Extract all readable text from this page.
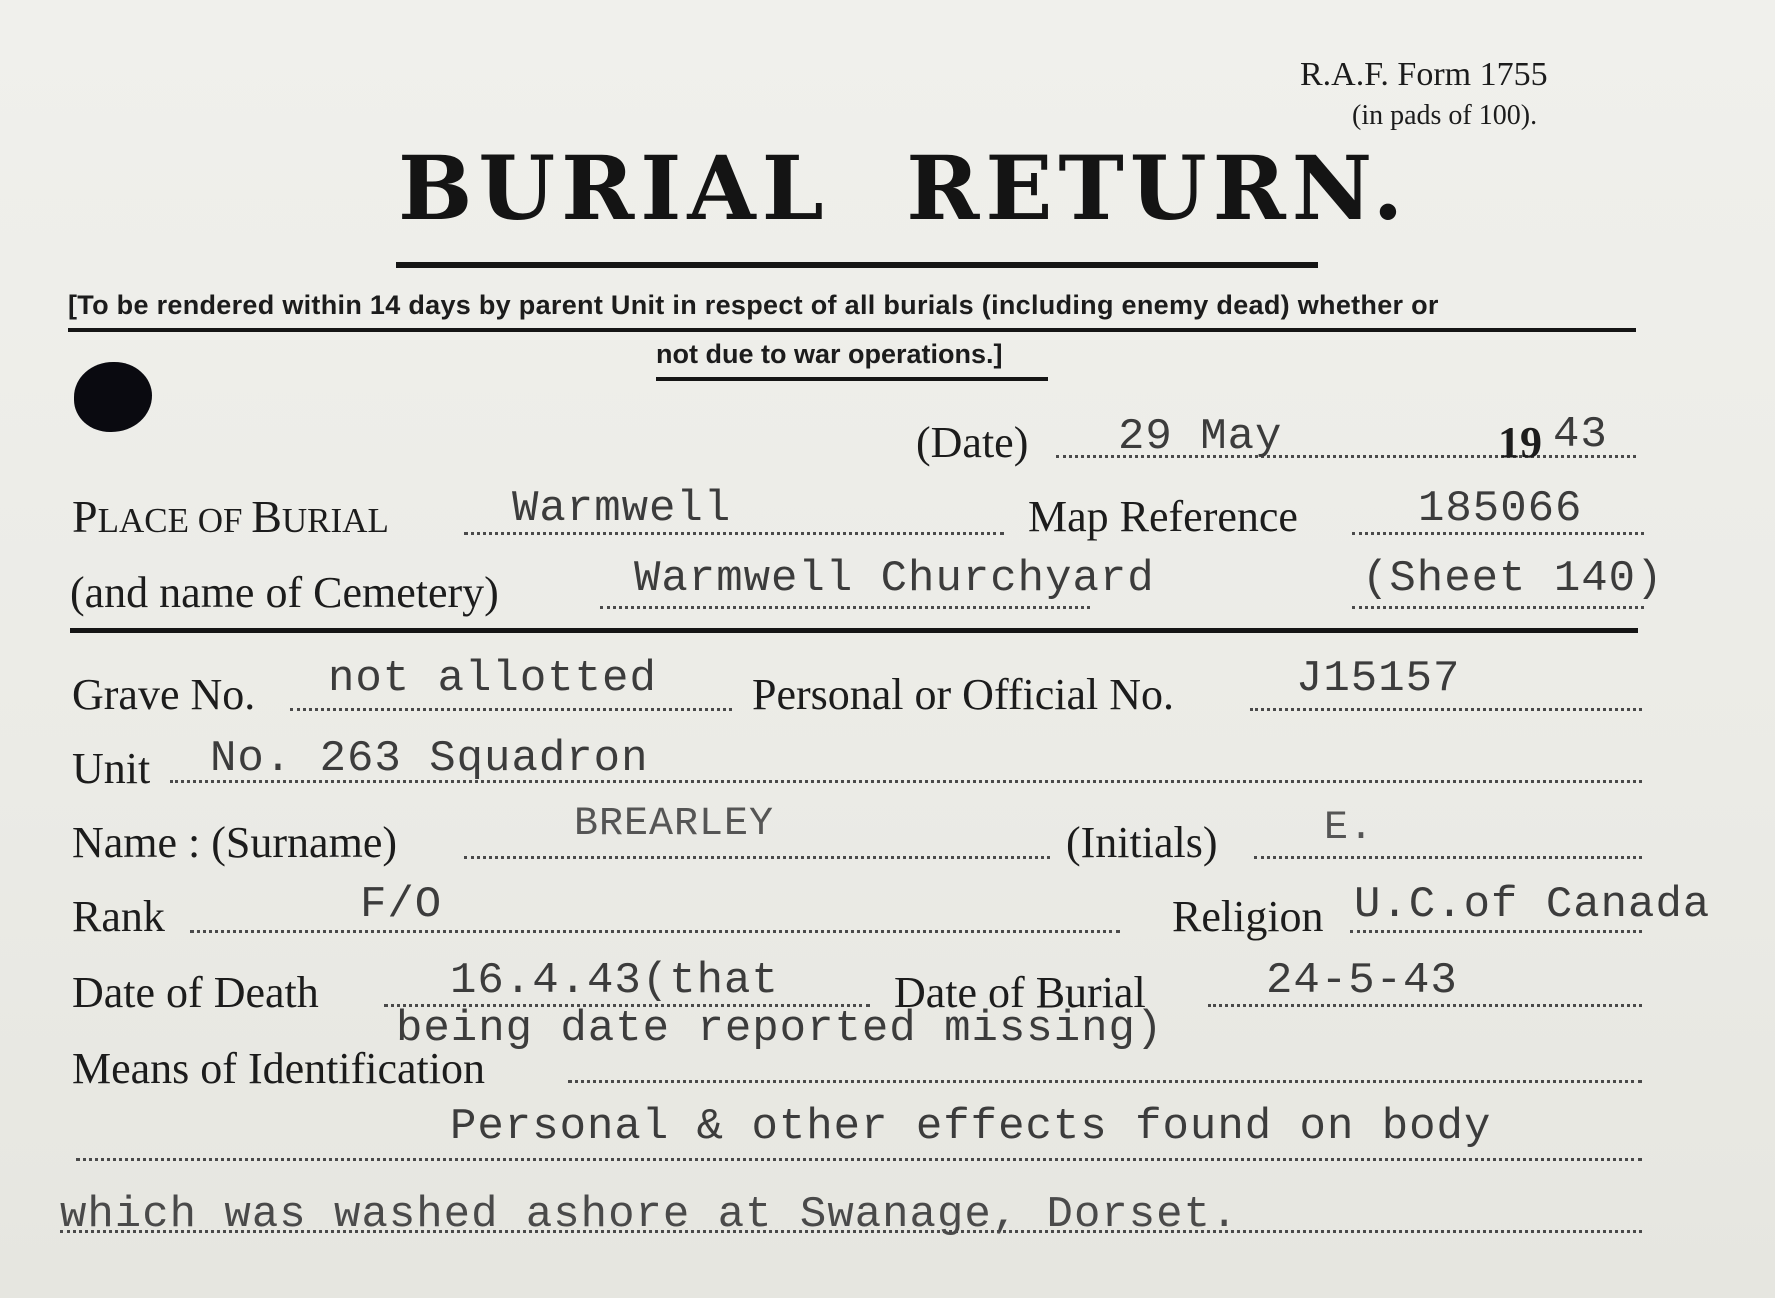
R.A.F. Form 1755
(in pads of 100).
BURIAL RETURN.
[To be rendered within 14 days by parent Unit in respect of all burials (including enemy dead) whether or
not due to war operations.]
(Date) 29 May	19 43
PLACE OF BURIAL	Warmwell	Map Reference	185066
(and name of Cemetery)	Warmwell Churchyard	(Sheet 140)
Grave No. not allotted Personal or Official No.	J15157
Unit No. 263 Squadron
Name : (Surname)	BREARLEY	(Initials)	E.
Rank	F/O	Religion U.C.of Canada
Date of Death	16.4.43(that	Date of Burial	24-5-43
being date reported missing)
Means of Identification
Personal & other effects found on body
which was washed ashore at Swanage, Dorset.
